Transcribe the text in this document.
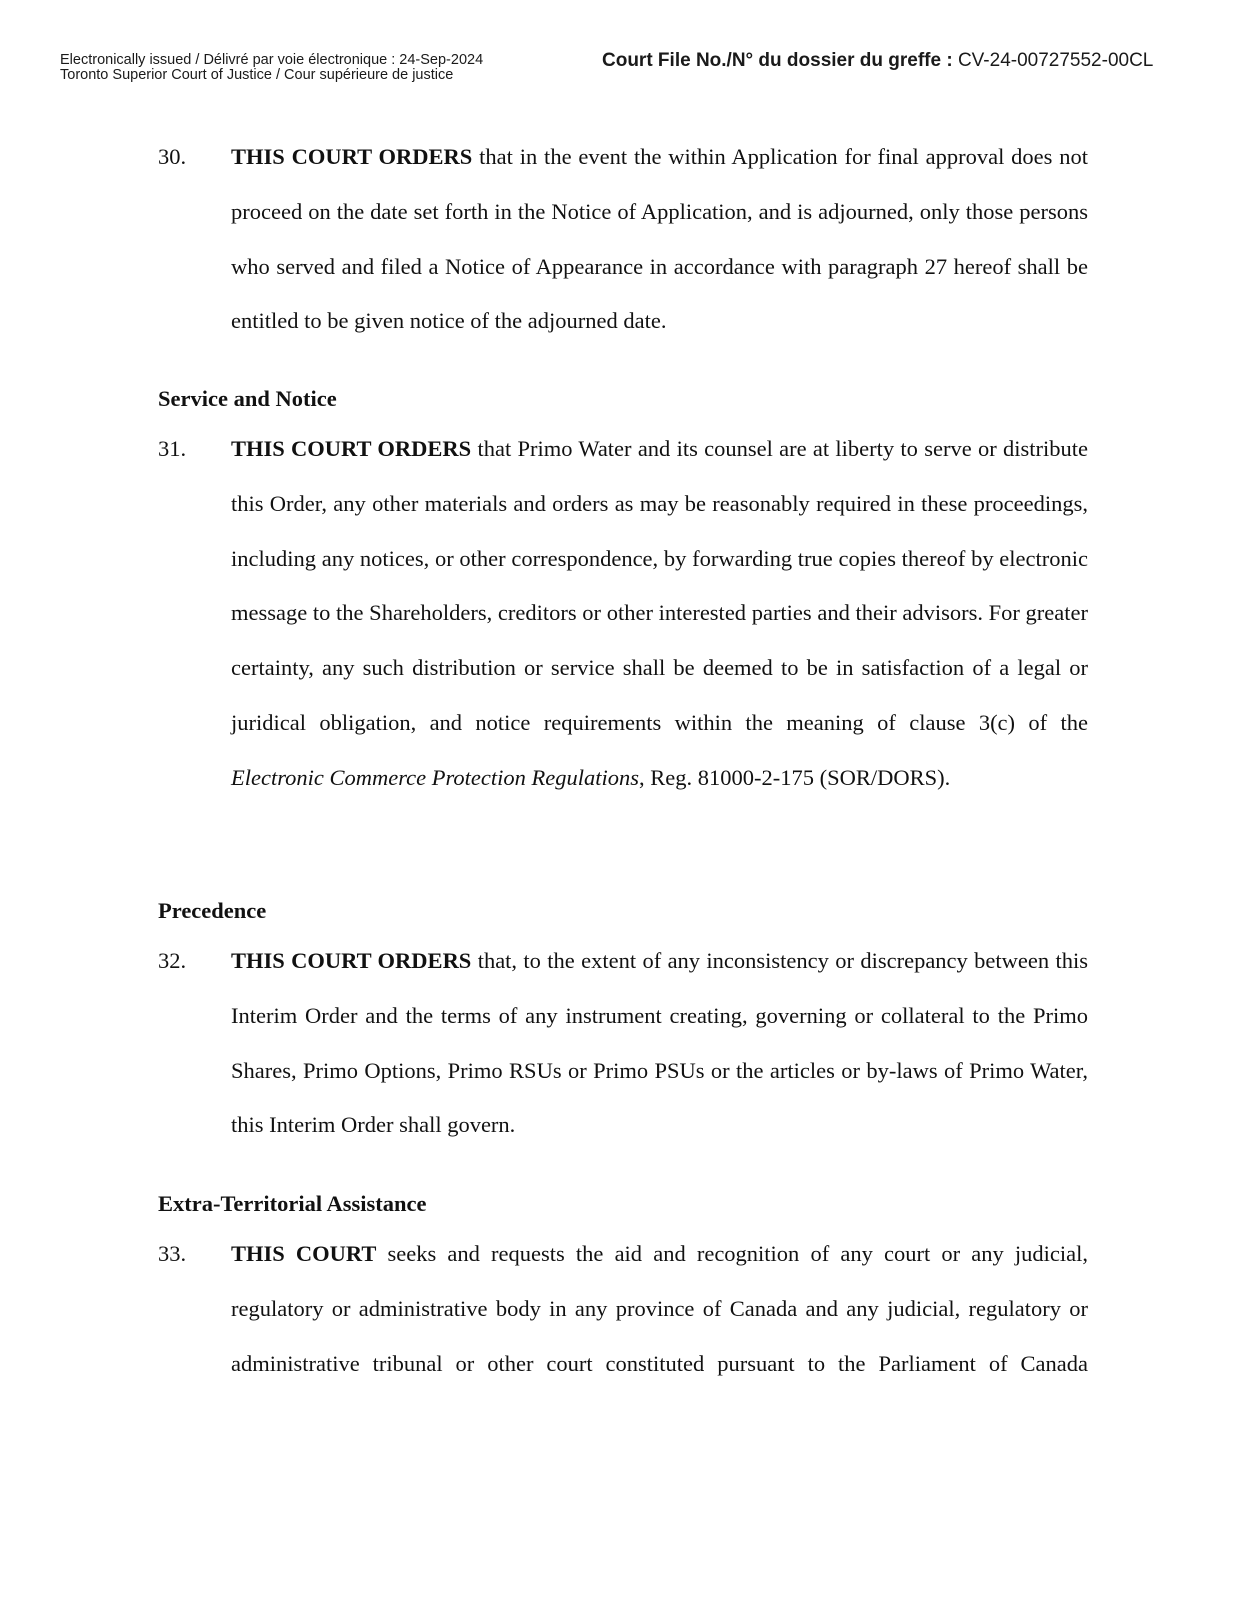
Electronically issued / Délivré par voie électronique : 24-Sep-2024
Toronto Superior Court of Justice / Cour supérieure de justice
Court File No./N° du dossier du greffe : CV-24-00727552-00CL
30. THIS COURT ORDERS that in the event the within Application for final approval does not proceed on the date set forth in the Notice of Application, and is adjourned, only those persons who served and filed a Notice of Appearance in accordance with paragraph 27 hereof shall be entitled to be given notice of the adjourned date.
Service and Notice
31. THIS COURT ORDERS that Primo Water and its counsel are at liberty to serve or distribute this Order, any other materials and orders as may be reasonably required in these proceedings, including any notices, or other correspondence, by forwarding true copies thereof by electronic message to the Shareholders, creditors or other interested parties and their advisors. For greater certainty, any such distribution or service shall be deemed to be in satisfaction of a legal or juridical obligation, and notice requirements within the meaning of clause 3(c) of the Electronic Commerce Protection Regulations, Reg. 81000-2-175 (SOR/DORS).
Precedence
32. THIS COURT ORDERS that, to the extent of any inconsistency or discrepancy between this Interim Order and the terms of any instrument creating, governing or collateral to the Primo Shares, Primo Options, Primo RSUs or Primo PSUs or the articles or by-laws of Primo Water, this Interim Order shall govern.
Extra-Territorial Assistance
33. THIS COURT seeks and requests the aid and recognition of any court or any judicial, regulatory or administrative body in any province of Canada and any judicial, regulatory or administrative tribunal or other court constituted pursuant to the Parliament of Canada
